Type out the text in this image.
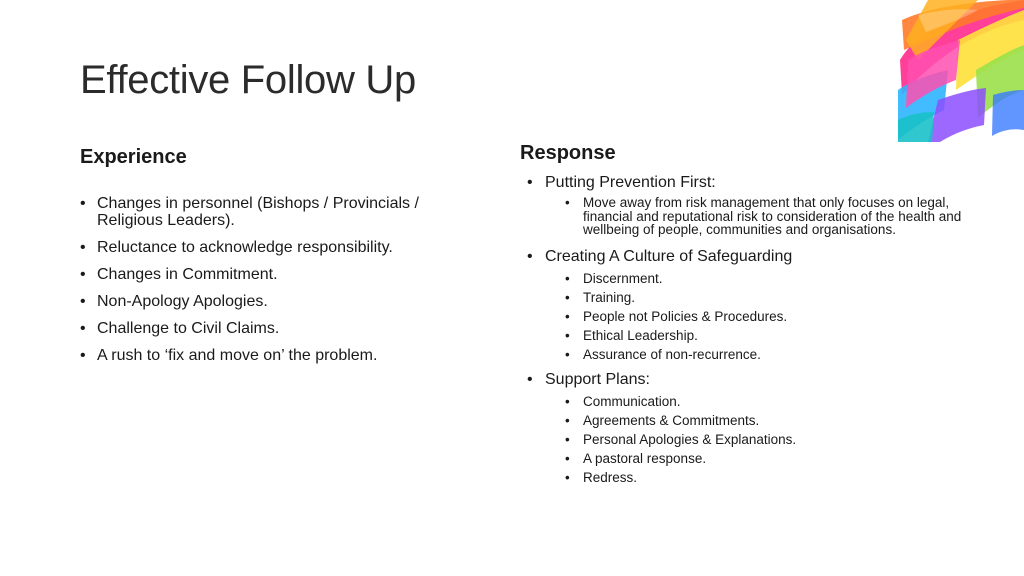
Effective Follow Up
Experience
• Changes in personnel (Bishops / Provincials / Religious Leaders).
• Reluctance to acknowledge responsibility.
• Changes in Commitment.
• Non-Apology Apologies.
• Challenge to Civil Claims.
• A rush to ‘fix and move on’ the problem.
Response
• Putting Prevention First:
• Move away from risk management that only focuses on legal, financial and reputational risk to consideration of the health and wellbeing of people, communities and organisations.
• Creating A Culture of Safeguarding
• Discernment.
• Training.
• People not Policies & Procedures.
• Ethical Leadership.
• Assurance of non-recurrence.
• Support Plans:
• Communication.
• Agreements & Commitments.
• Personal Apologies & Explanations.
• A pastoral response.
• Redress.
